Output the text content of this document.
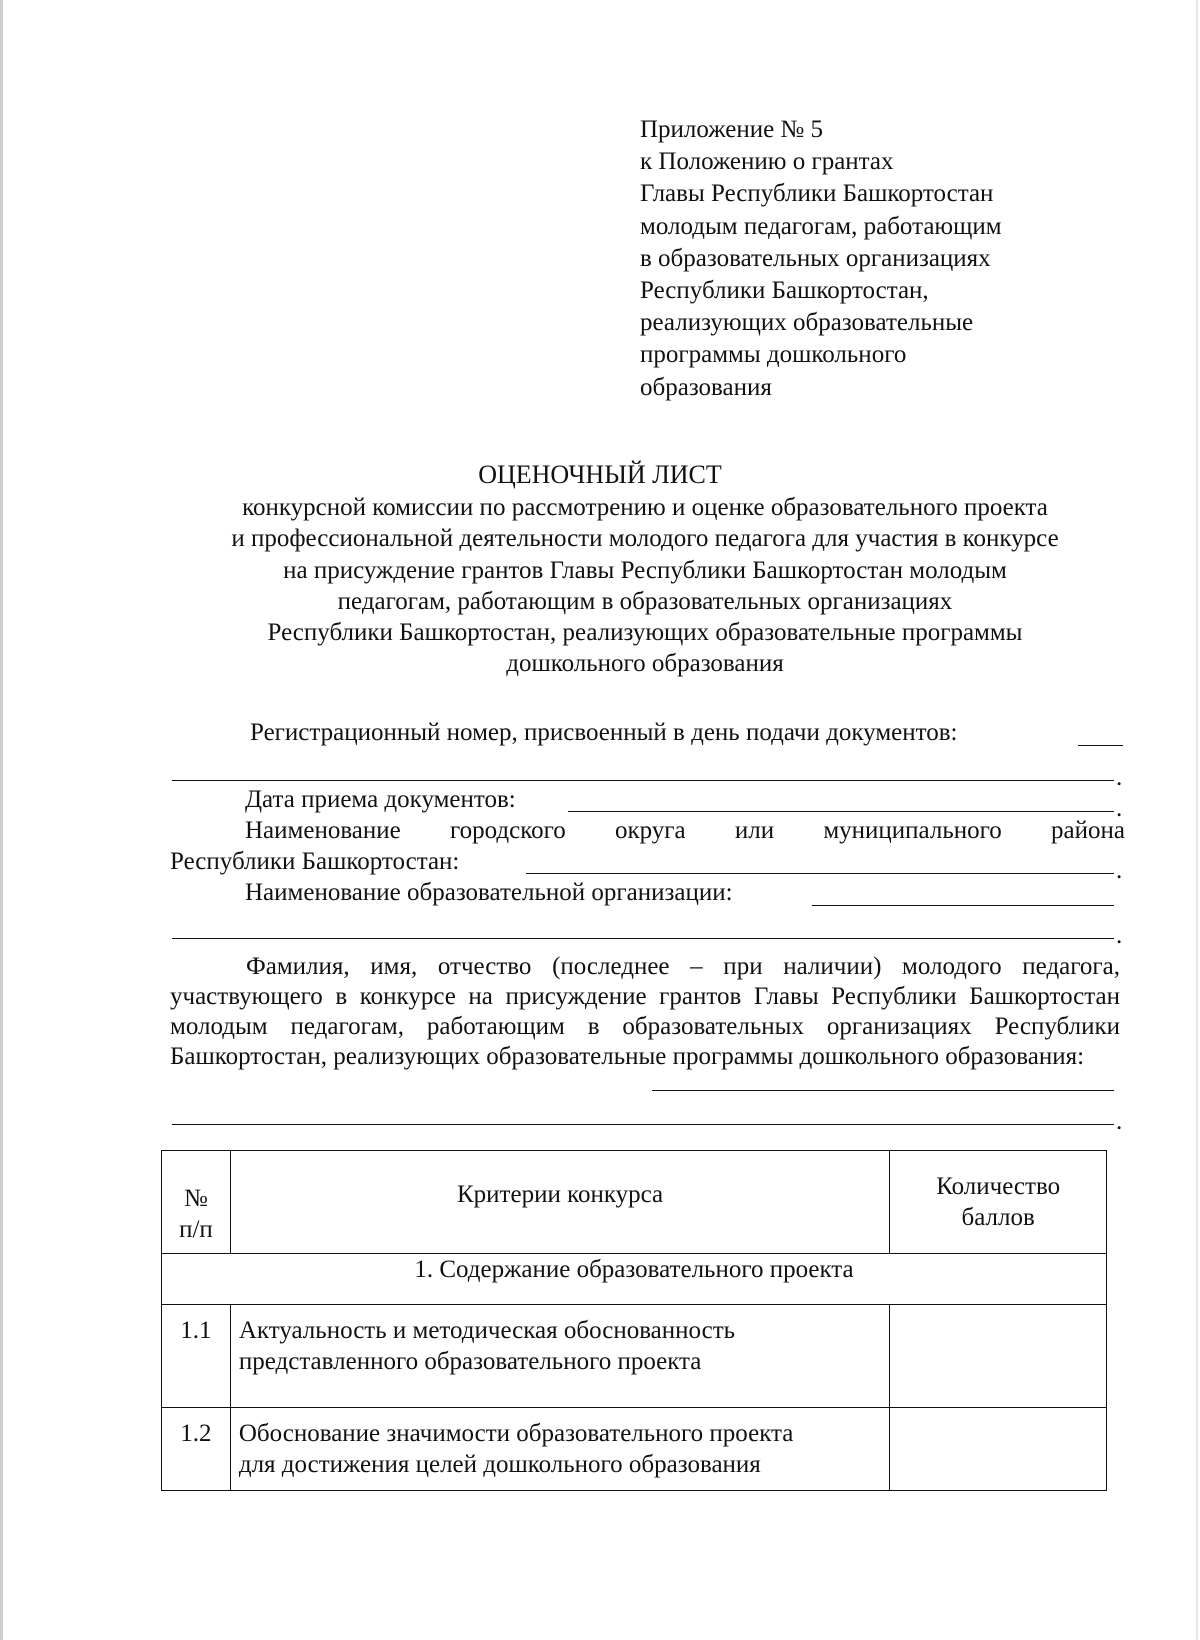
Приложение № 5
к Положению о грантах
Главы Республики Башкортостан
молодым педагогам, работающим
в образовательных организациях
Республики Башкортостан,
реализующих образовательные
программы дошкольного
образования
ОЦЕНОЧНЫЙ ЛИСТ
конкурсной комиссии по рассмотрению и оценке образовательного проекта
и профессиональной деятельности молодого педагога для участия в конкурсе
на присуждение грантов Главы Республики Башкортостан молодым
педагогам, работающим в образовательных организациях
Республики Башкортостан, реализующих образовательные программы
дошкольного образования
Регистрационный номер, присвоенный в день подачи документов:
.
Дата приема документов:	.
Наименование городского округа или муниципального района
Республики Башкортостан:	.
Наименование образовательной организации:
.
Фамилия, имя, отчество (последнее – при наличии) молодого педагога, участвующего в конкурсе на присуждение грантов Главы Республики Башкортостан молодым педагогам, работающим в образовательных организациях Республики Башкортостан, реализующих образовательные программы дошкольного образования:
.
№
п/п	Критерии конкурса	Количество
баллов

1. Содержание образовательного проекта		

1.1	Актуальность и методическая обоснованность
представленного образовательного проекта	

1.2	Обоснование значимости образовательного проекта
для достижения целей дошкольного образования	
